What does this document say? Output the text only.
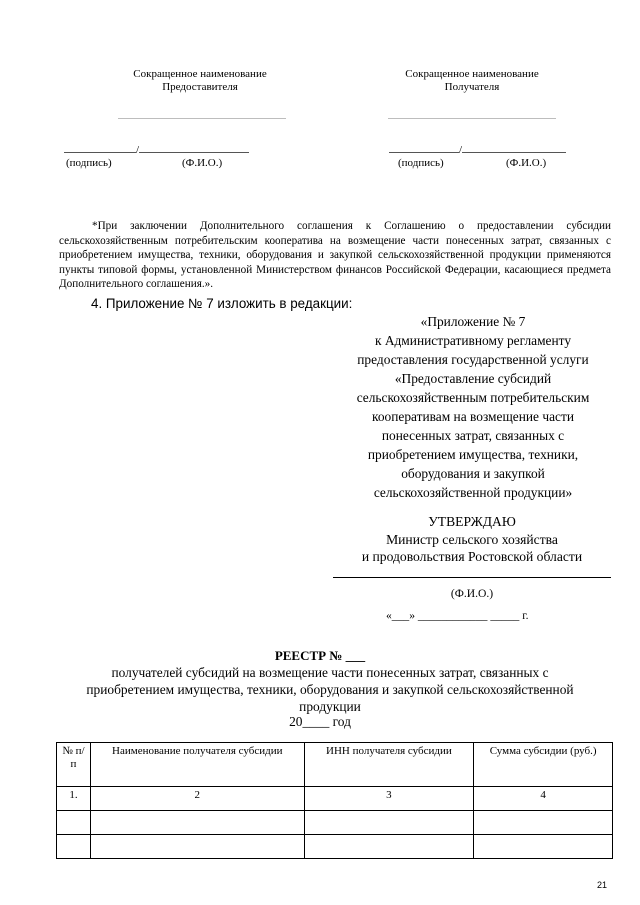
Сокращенное наименование
Предоставителя
Сокращенное наименование
Получателя
/	/
(подпись)	(Ф.И.О.)	(подпись)	(Ф.И.О.)
*При заключении Дополнительного соглашения к Соглашению о предоставлении субсидии сельскохозяйственным потребительским кооператива на возмещение части понесенных затрат, связанных с приобретением имущества, техники, оборудования и закупкой сельскохозяйственной продукции применяются пункты типовой формы, установленной Министерством финансов Российской Федерации, касающиеся предмета Дополнительного соглашения.».
4. Приложение № 7 изложить в редакции:
«Приложение № 7
к Административному регламенту
предоставления государственной услуги
«Предоставление субсидий
сельскохозяйственным потребительским
кооперативам на возмещение части
понесенных затрат, связанных с
приобретением имущества, техники,
оборудования и закупкой
сельскохозяйственной продукции»
УТВЕРЖДАЮ
Министр сельского хозяйства
и продовольствия Ростовской области
(Ф.И.О.)
«___» ____________ _____ г.
РЕЕСТР № ___
получателей субсидий на возмещение части понесенных затрат, связанных с
приобретением имущества, техники, оборудования и закупкой сельскохозяйственной
продукции
20____ год
№ п/п	Наименование получателя субсидии	ИНН получателя субсидии	Сумма субсидии (руб.)
1.	2	3	4

21
